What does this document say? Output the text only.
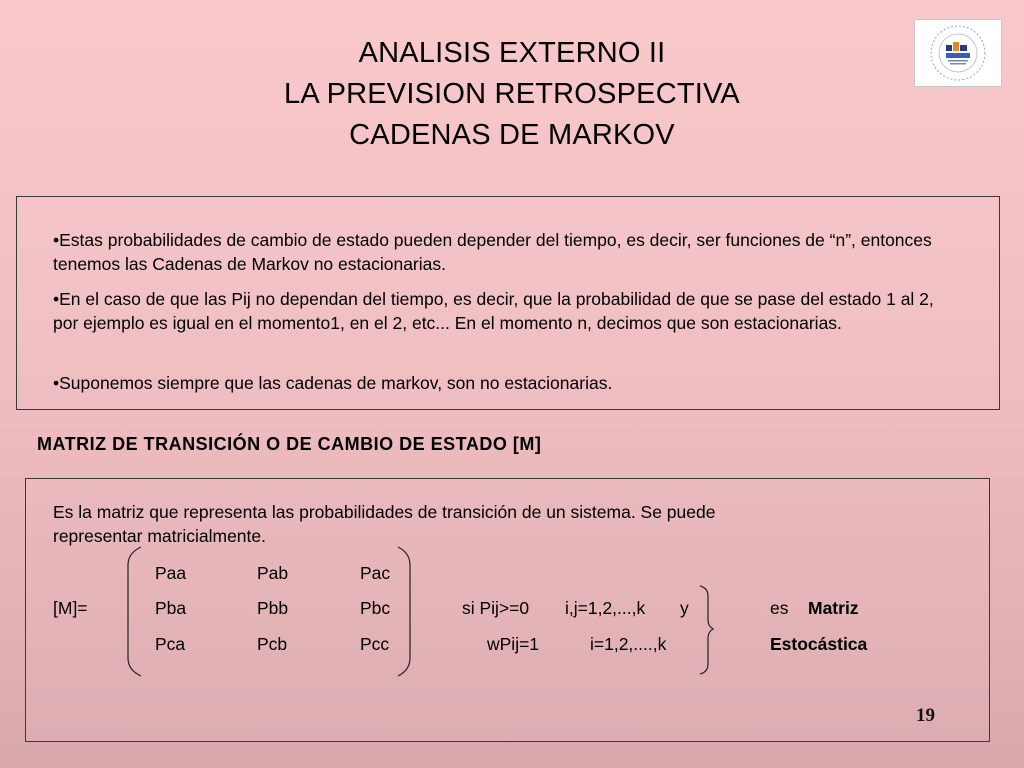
ANALISIS EXTERNO II
LA PREVISION RETROSPECTIVA
CADENAS DE MARKOV
•Estas probabilidades de cambio de estado pueden depender del tiempo, es decir, ser funciones de “n”, entonces tenemos las Cadenas de Markov no estacionarias.
•En el caso de que las Pij no dependan del tiempo, es decir, que la probabilidad de que se pase del estado 1 al 2, por ejemplo es igual en el momento1, en el 2, etc... En el momento n, decimos que son estacionarias.
•Suponemos siempre que las cadenas de markov, son no estacionarias.
MATRIZ DE TRANSICIÓN O DE CAMBIO DE ESTADO [M]
Es la matriz que representa las probabilidades de transición de un sistema. Se puede
representar matricialmente.
[M]=
Paa	Pab	Pac
Pba	Pbb	Pbc
Pca	Pcb	Pcc
si Pij>=0 i,j=1,2,...,k y
wPij=1	i=1,2,....,k
es Matriz
Estocástica
19
